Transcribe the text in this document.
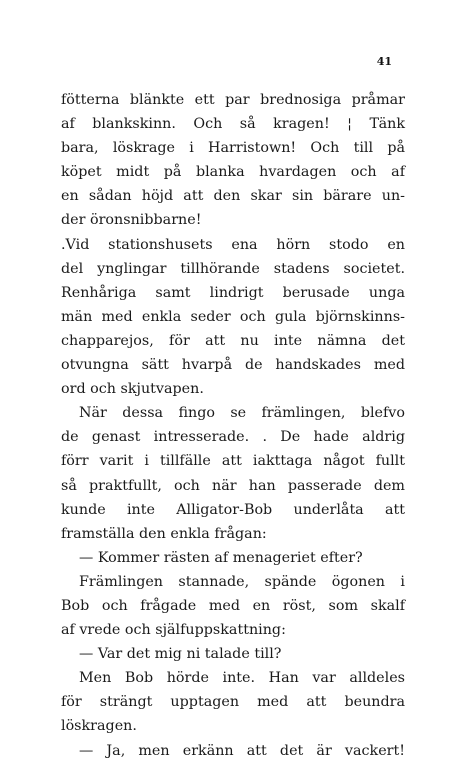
41
fötterna blänkte ett par brednosiga pråmar
af blankskinn. Och så kragen! ¦ Tänk
bara, löskrage i Harristown! Och till på
köpet midt på blanka hvardagen och af
en sådan höjd att den skar sin bärare un-
der öronsnibbarne!
.Vid stationshusets ena hörn stodo en
del ynglingar tillhörande stadens societet.
Renhåriga samt lindrigt berusade unga
män med enkla seder och gula björnskinns-
chapparejos, för att nu inte nämna det
otvungna sätt hvarpå de handskades med
ord och skjutvapen.
När dessa fingo se främlingen, blefvo
de genast intresserade. . De hade aldrig
förr varit i tillfälle att iakttaga något fullt
så praktfullt, och när han passerade dem
kunde inte Alligator-Bob underlåta att
framställa den enkla frågan:
— Kommer rästen af menageriet efter?
Främlingen stannade, spände ögonen i
Bob och frågade med en röst, som skalf
af vrede och själfuppskattning:
— Var det mig ni talade till?
Men Bob hörde inte. Han var alldeles
för strängt upptagen med att beundra
löskragen.
— Ja, men erkänn att det är vackert!
